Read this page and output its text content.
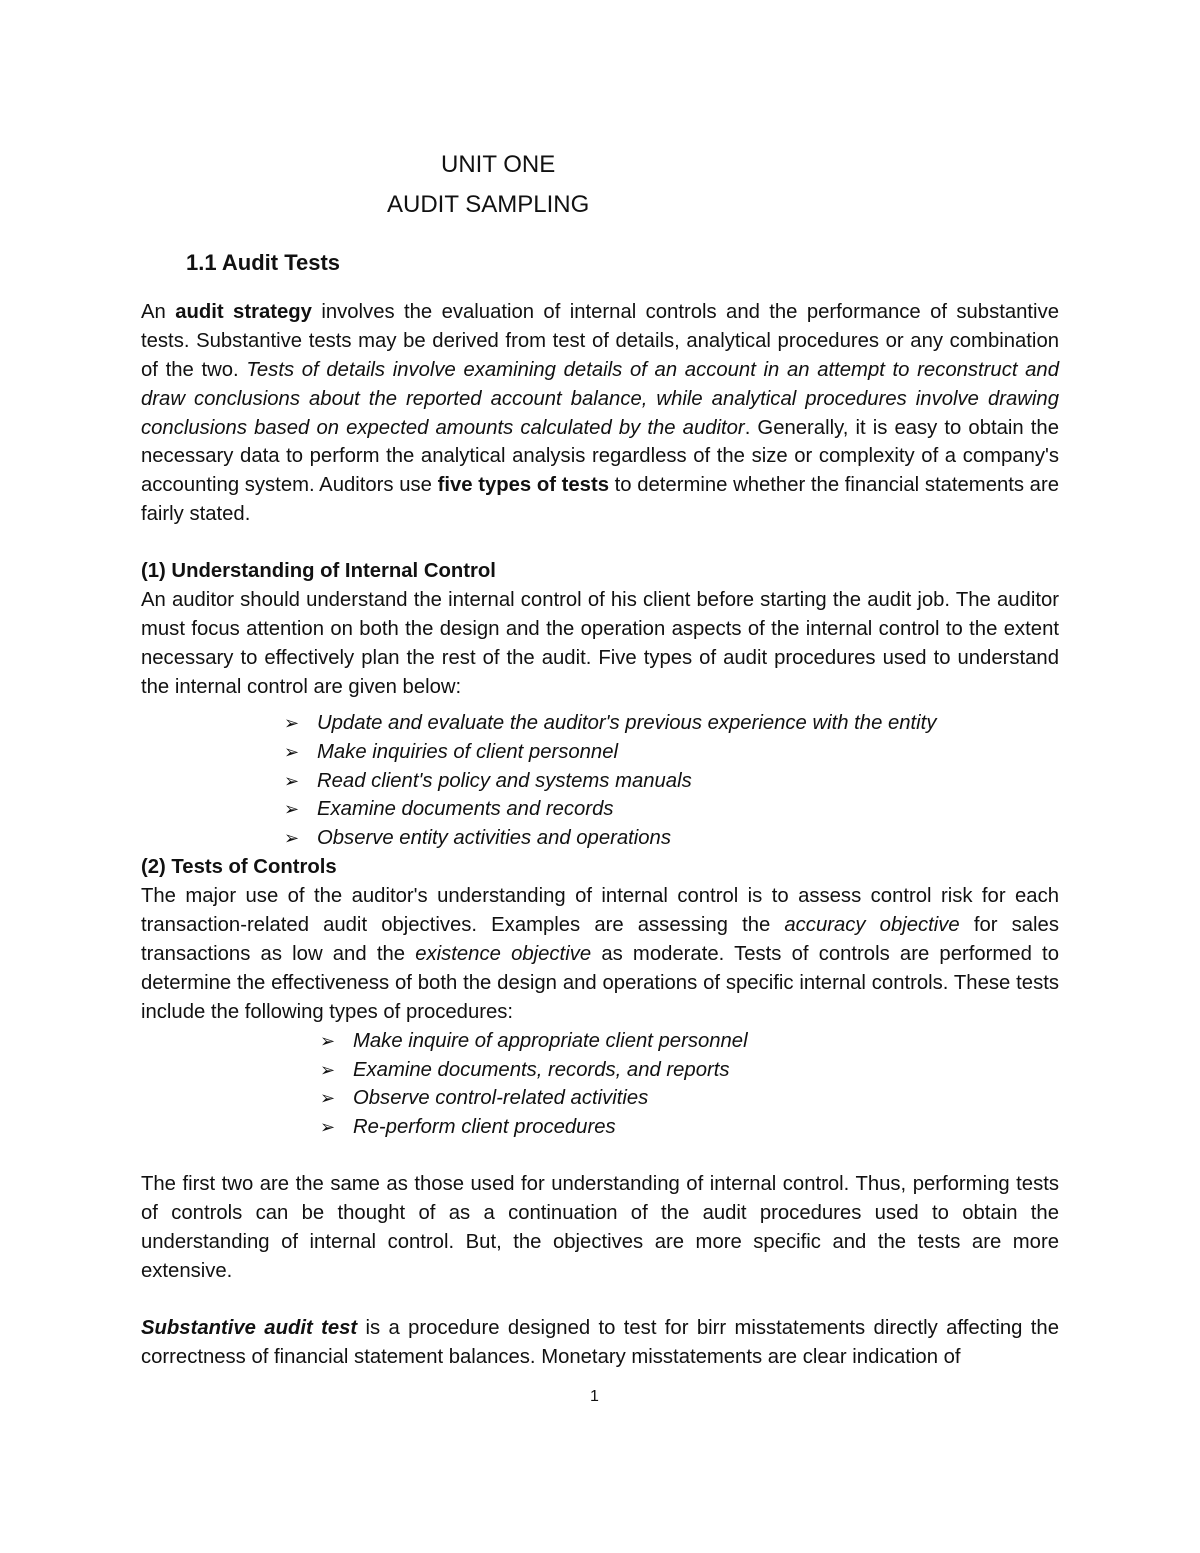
UNIT ONE
AUDIT SAMPLING
1.1 Audit Tests

An audit strategy involves the evaluation of internal controls and the performance of substantive tests. Substantive tests may be derived from test of details, analytical procedures or any combination of the two. Tests of details involve examining details of an account in an attempt to reconstruct and draw conclusions about the reported account balance, while analytical procedures involve drawing conclusions based on expected amounts calculated by the auditor. Generally, it is easy to obtain the necessary data to perform the analytical analysis regardless of the size or complexity of a company's accounting system. Auditors use five types of tests to determine whether the financial statements are fairly stated.

(1) Understanding of Internal Control

An auditor should understand the internal control of his client before starting the audit job. The auditor must focus attention on both the design and the operation aspects of the internal control to the extent necessary to effectively plan the rest of the audit. Five types of audit procedures used to understand the internal control are given below:

➢ Update and evaluate the auditor's previous experience with the entity
➢ Make inquiries of client personnel
➢ Read client's policy and systems manuals
➢ Examine documents and records
➢ Observe entity activities and operations
(2) Tests of Controls

The major use of the auditor's understanding of internal control is to assess control risk for each transaction-related audit objectives. Examples are assessing the accuracy objective for sales transactions as low and the existence objective as moderate. Tests of controls are performed to determine the effectiveness of both the design and operations of specific internal controls. These tests include the following types of procedures:

➢ Make inquire of appropriate client personnel
➢ Examine documents, records, and reports
➢ Observe control-related activities
➢ Re-perform client procedures

The first two are the same as those used for understanding of internal control. Thus, performing tests of controls can be thought of as a continuation of the audit procedures used to obtain the understanding of internal control. But, the objectives are more specific and the tests are more extensive.

Substantive audit test is a procedure designed to test for birr misstatements directly affecting the correctness of financial statement balances. Monetary misstatements are clear indication of

1
